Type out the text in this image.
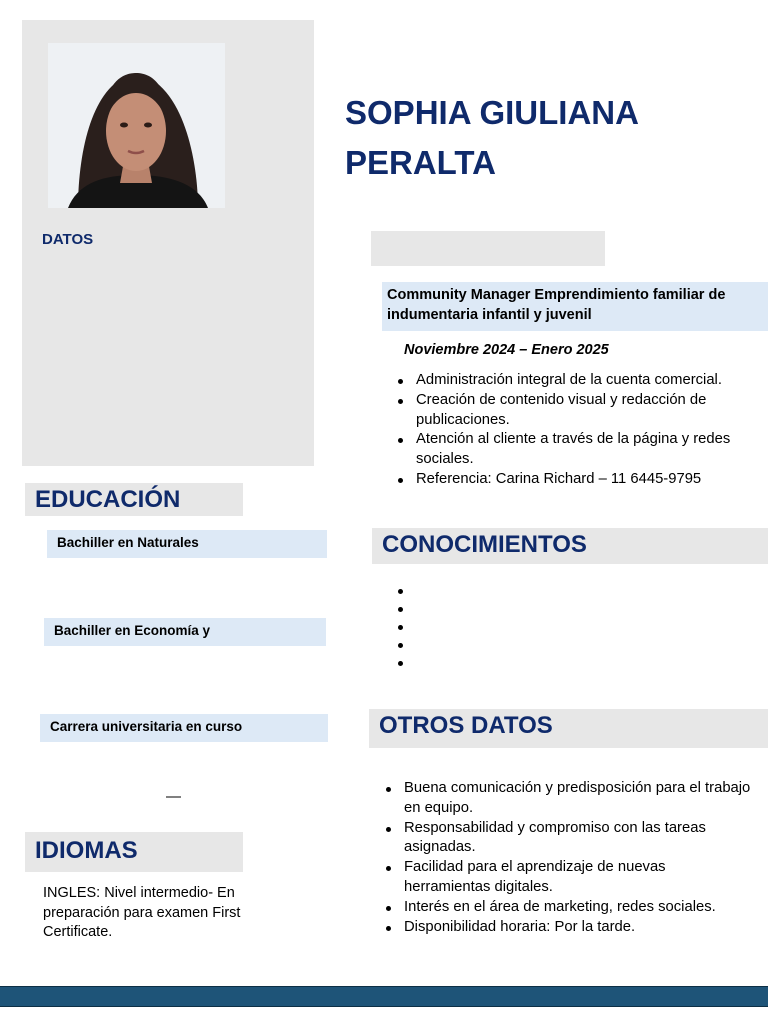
DATOS
SOPHIA GIULIANA PERALTA
Community Manager Emprendimiento familiar de indumentaria infantil y juvenil
Noviembre 2024 – Enero 2025
Administración integral de la cuenta comercial.
Creación de contenido visual y redacción de publicaciones.
Atención al cliente a través de la página y redes sociales.
Referencia: Carina Richard – 11 6445-9795
CONOCIMIENTOS
OTROS DATOS
Buena comunicación y predisposición para el trabajo en equipo.
Responsabilidad y compromiso con las tareas asignadas.
Facilidad para el aprendizaje de nuevas herramientas digitales.
Interés en el área de marketing, redes sociales.
Disponibilidad horaria: Por la tarde.
EDUCACIÓN
Bachiller en Naturales
Bachiller en Economía y
Carrera universitaria en curso
—
IDIOMAS
INGLES: Nivel intermedio- En preparación para examen First Certificate.
